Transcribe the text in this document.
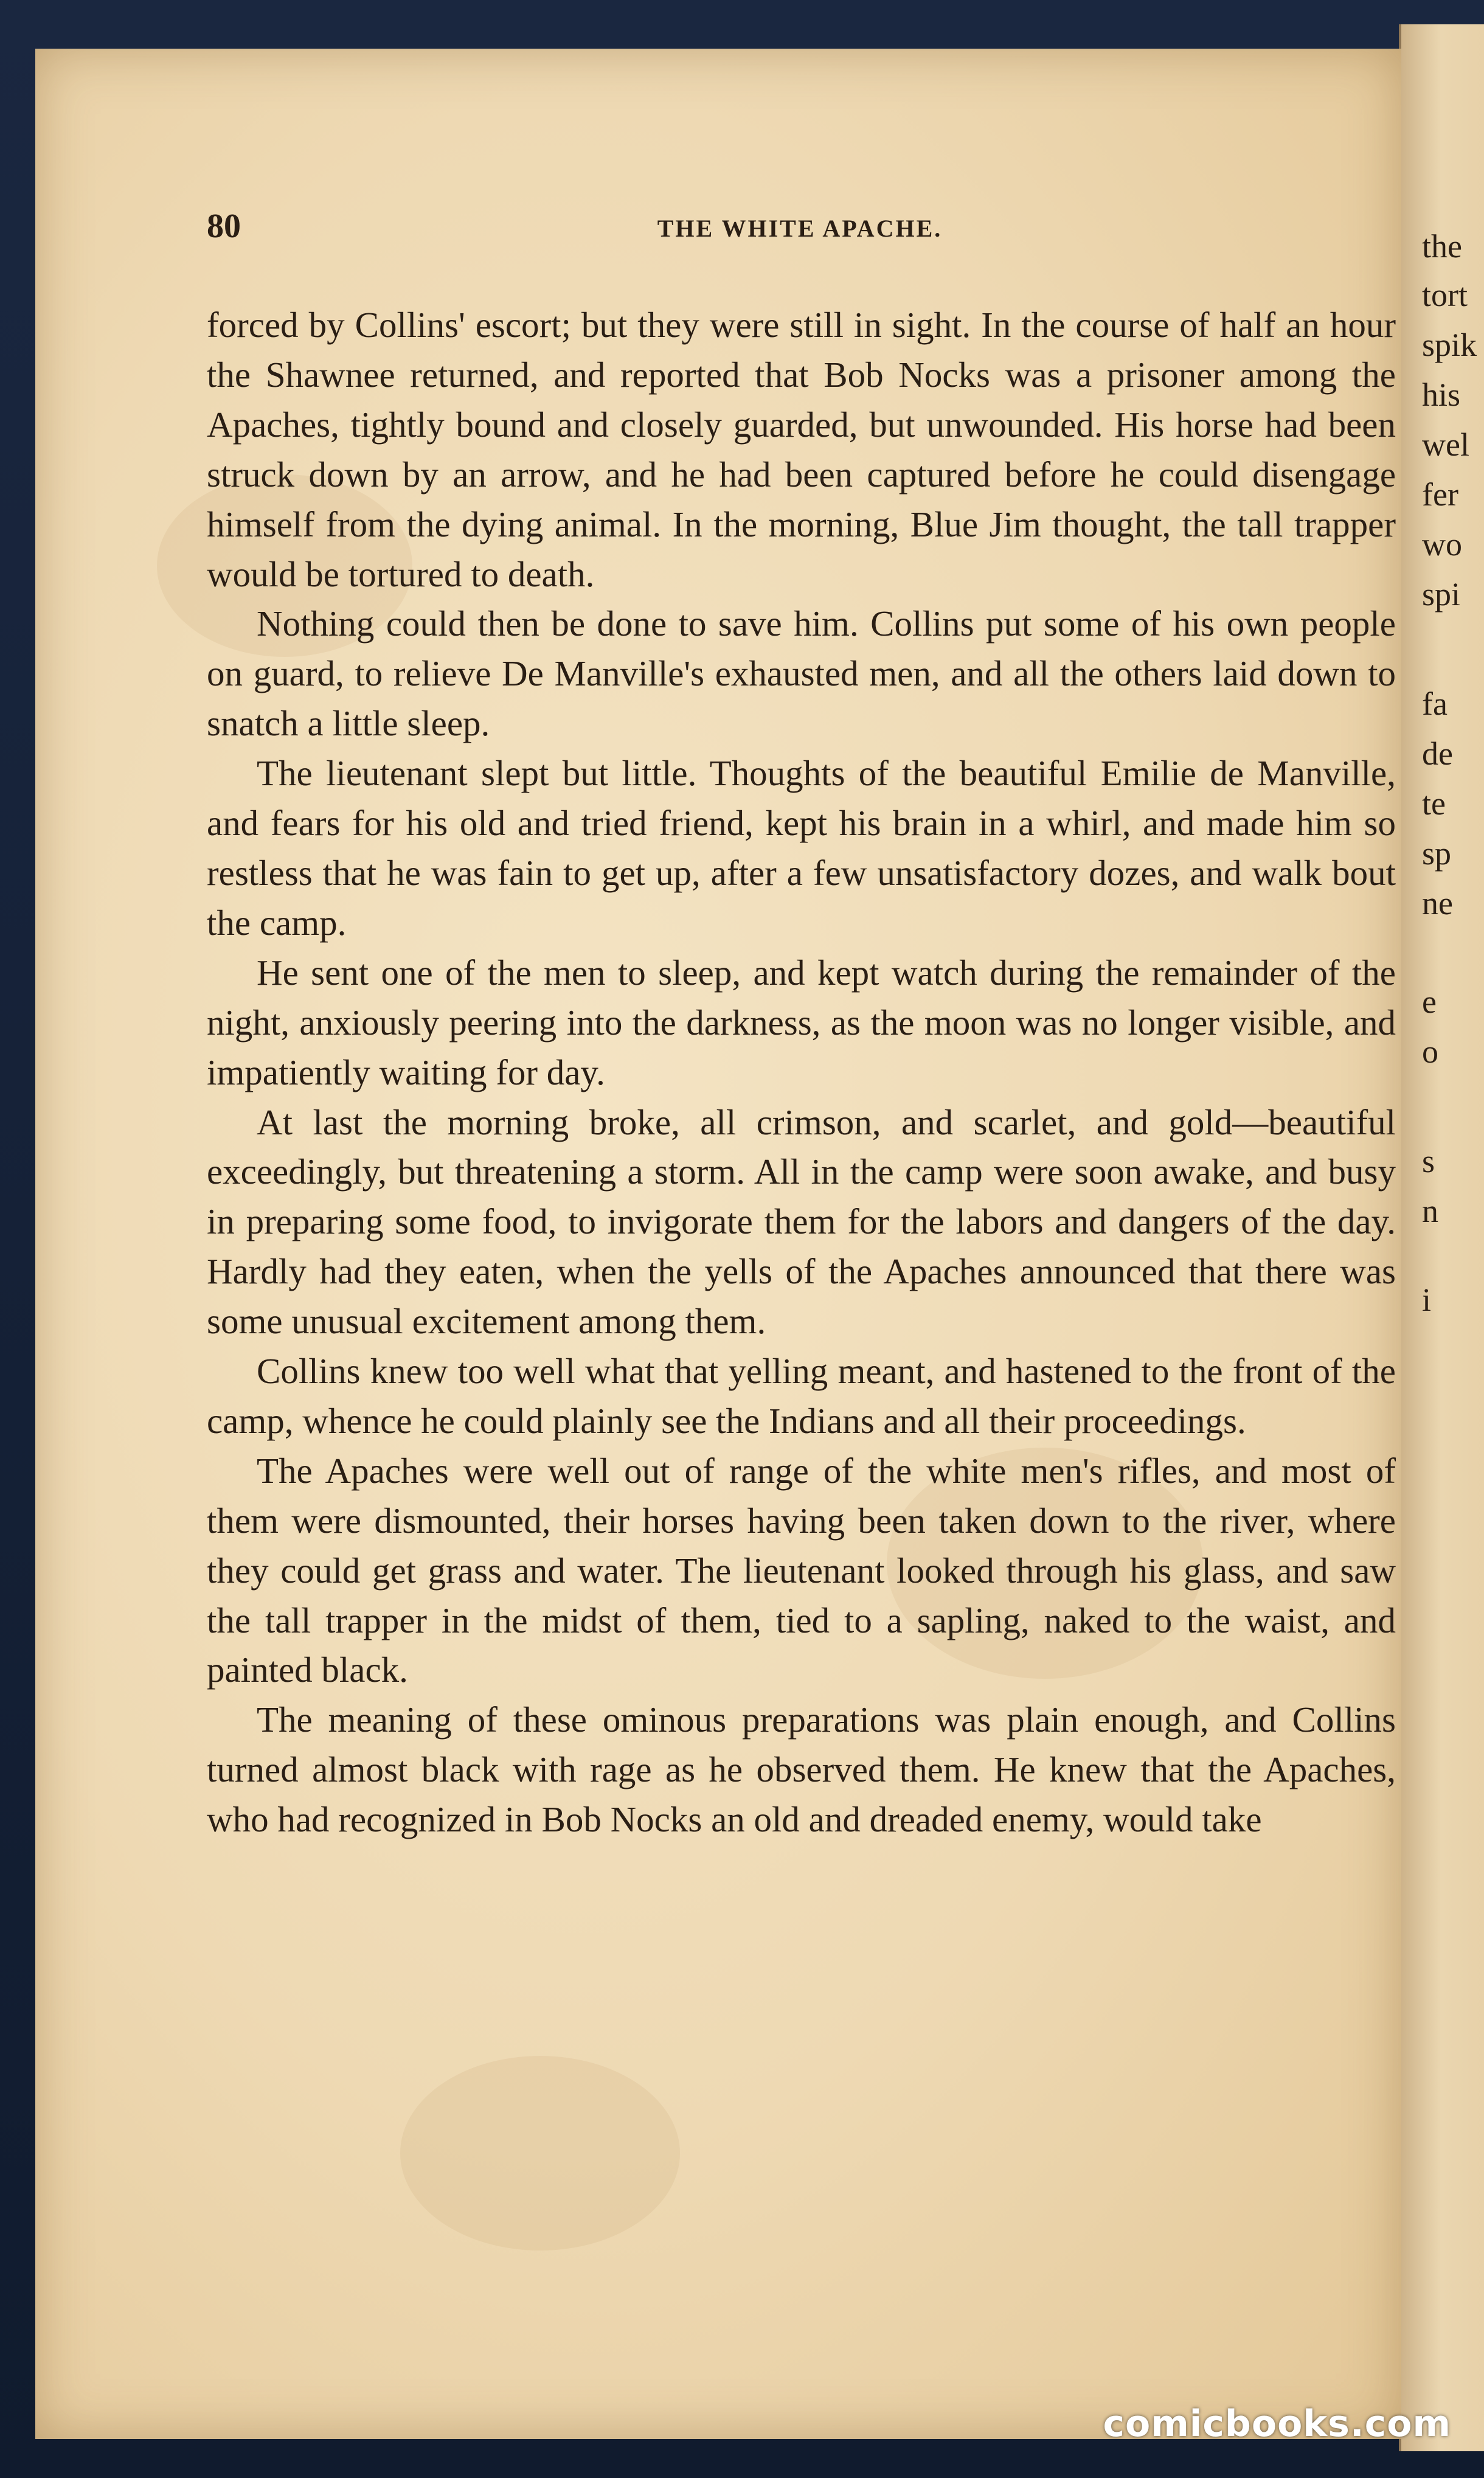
the
tort
spik
his
wel
fer
wo
spi
fa
de
te
sp
ne
e
o
s
n
i
80	THE WHITE APACHE.

forced by Collins' escort; but they were still in sight. In the course of half an hour the Shawnee returned, and reported that Bob Nocks was a prisoner among the Apaches, tightly bound and closely guarded, but unwounded. His horse had been struck down by an arrow, and he had been captured before he could disengage himself from the dying animal. In the morning, Blue Jim thought, the tall trapper would be tortured to death.

Nothing could then be done to save him. Collins put some of his own people on guard, to relieve De Manville's exhausted men, and all the others laid down to snatch a little sleep.

The lieutenant slept but little. Thoughts of the beautiful Emilie de Manville, and fears for his old and tried friend, kept his brain in a whirl, and made him so restless that he was fain to get up, after a few unsatisfactory dozes, and walk bout the camp.

He sent one of the men to sleep, and kept watch during the remainder of the night, anxiously peering into the darkness, as the moon was no longer visible, and impatiently waiting for day.

At last the morning broke, all crimson, and scarlet, and gold—beautiful exceedingly, but threatening a storm. All in the camp were soon awake, and busy in preparing some food, to invigorate them for the labors and dangers of the day. Hardly had they eaten, when the yells of the Apaches announced that there was some unusual excitement among them.

Collins knew too well what that yelling meant, and hastened to the front of the camp, whence he could plainly see the Indians and all their proceedings.

The Apaches were well out of range of the white men's rifles, and most of them were dismounted, their horses having been taken down to the river, where they could get grass and water. The lieutenant looked through his glass, and saw the tall trapper in the midst of them, tied to a sapling, naked to the waist, and painted black.

The meaning of these ominous preparations was plain enough, and Collins turned almost black with rage as he observed them. He knew that the Apaches, who had recognized in Bob Nocks an old and dreaded enemy, would take

comicbooks.com
